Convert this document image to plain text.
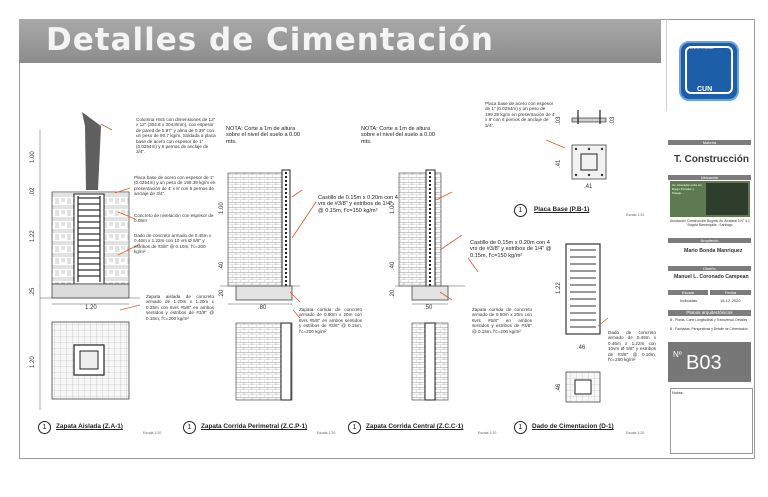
Detalles de Cimentación
Columna HSS con dimensiones de 12" x 12" (304.8 x 304.8mm), con espesor de pared de 0.97" y alma de 0.39" con un peso de 90.7 kg/m. Soldada a placa base de acero con espesor de 1" (0.0254m) y 6 pernos de anclaje de 3/4".
Placa base de acero con espesor de 1" (0.0254m) y un peso de 199.39 kg/m en presentación de 4' x 8' con 6 pernos de anclaje de 3/4".
Concreto de nivelación con espesor de 0.05m
Dado de concreto armado de 0.46m x 0.46m x 1.22m con 10 vrs Ø 5/8" y estribos de #3/8" @ 0.10m, f'c=200 kg/m²
Zapata aislada de concreto armado de 1.20m x 1.20m x 0.25m con 6vrs #5/8" en ambos sentidos y estribos de #3/8" @ 0.15m, f'c=200 kg/m²
NOTA: Corte a 1m de altura sobre el nivel del suelo a 0.00 mts.
Castillo de 0.15m x 0.20m con 4 vrs de #3/8" y estribos de 1/4" @ 0.15m, f'c=150 kg/m²
Zapata corrida de concreto armado de 0.80m x 20m con 6vrs #5/8" en ambos sentidos y estribos de #3/8" @ 0.15m, f'c=200 kg/m²
NOTA: Corte a 1m de altura sobre el nivel del suelo a 0.00 mts.
Castillo de 0.15m x 0.20m con 4 vrs de #3/8" y estribos de 1/4" @ 0.15m, f'c=150 kg/m²
Zapata corrida de concreto armado de 0.50m x 20m con 6vrs #5/8" en ambos sentidos y estribos de #3/8" @ 0.15m, f'c=200 kg/m²
Placa base de acero con espesor de 1" (0.0254m) y un peso de 199.39 kg/m en presentación de 4' x 8' con 6 pernos de anclaje de 3/4".
Dado de concreto armado de 0.46m x 0.46m x 1.22m con 10vrs Ø 5/8" y estribos de #3/8" @ 0.10m, f'c=200 kg/m²
1	Zapata Aislada (Z.A-1)
Escala 1:20
1	Zapata Corrida Perimetral (Z.C.P-1)
Escala 1:20
1	Zapata Corrida Central (Z.C.C-1)
Escala 1:20
1	Dado de Cimentacion (D-1)
Escala 1:20
1	Placa Base (P.B-1)
Escala 1:20
1.00
.02
1.22
.25
1.20
1.20
1.00
.40
.20
.80
1.00
.40
.20
.50
.03
.41
.41
.03
1.22
.46
.46
CUN
UNIVERSIDAD
Materia
T. Construcción
Ubicación
Av. Liberador entre Av. Diego Portales y Pasaje...
Asociación Construcción Bogotá, Av. Arrabeal 3 N° 3-1 Bogotá Barranquilla - Santiago
Arquitecto
Mario Bonda Manriquez
Diseño
Manuel L. Coronado Campean
Escala	Fecha
Indicadas	18-12-2020
Planos arquitectónicos
B - Planta, Corte Longitudinal y Transversal, Detalles
B - Fachadas, Perspectivas y Detalle de Cimentación
Nº B03
Notas:
